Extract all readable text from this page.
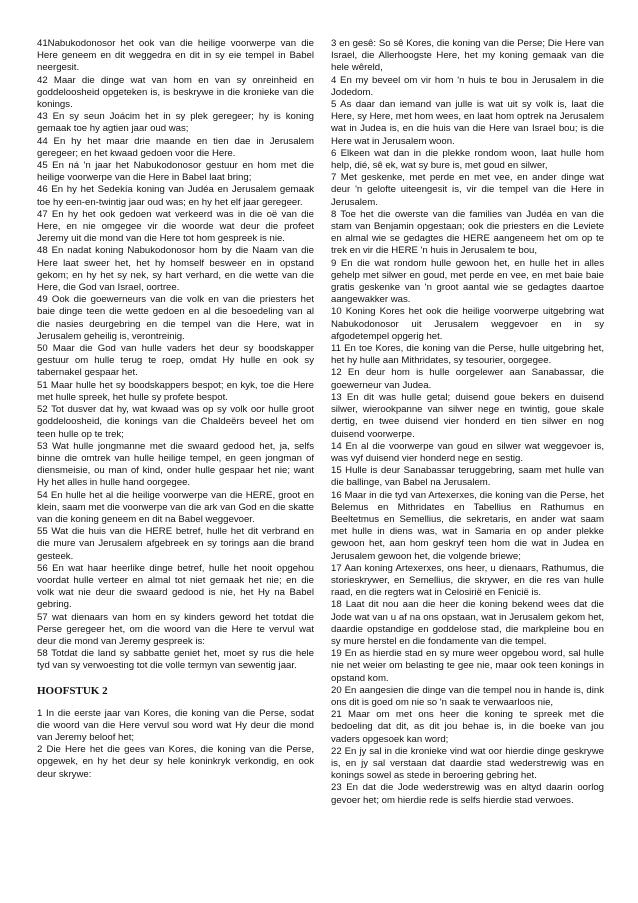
41Nabukodonosor het ook van die heilige voorwerpe van die Here geneem en dit weggedra en dit in sy eie tempel in Babel neergesit.

42 Maar die dinge wat van hom en van sy onreinheid en goddeloosheid opgeteken is, is beskrywe in die kronieke van die konings.

43 En sy seun Joácim het in sy plek geregeer; hy is koning gemaak toe hy agtien jaar oud was;

44 En hy het maar drie maande en tien dae in Jerusalem geregeer; en het kwaad gedoen voor die Here.

45 En ná 'n jaar het Nabukodonosor gestuur en hom met die heilige voorwerpe van die Here in Babel laat bring;

46 En hy het Sedekía koning van Judéa en Jerusalem gemaak toe hy een-en-twintig jaar oud was; en hy het elf jaar geregeer.

47 En hy het ook gedoen wat verkeerd was in die oë van die Here, en nie omgegee vir die woorde wat deur die profeet Jeremy uit die mond van die Here tot hom gespreek is nie.

48 En nadat koning Nabukodonosor hom by die Naam van die Here laat sweer het, het hy homself besweer en in opstand gekom; en hy het sy nek, sy hart verhard, en die wette van die Here, die God van Israel, oortree.

49 Ook die goewerneurs van die volk en van die priesters het baie dinge teen die wette gedoen en al die besoedeling van al die nasies deurgebring en die tempel van die Here, wat in Jerusalem geheilig is, verontreinig.

50 Maar die God van hulle vaders het deur sy boodskapper gestuur om hulle terug te roep, omdat Hy hulle en ook sy tabernakel gespaar het.

51 Maar hulle het sy boodskappers bespot; en kyk, toe die Here met hulle spreek, het hulle sy profete bespot.

52 Tot dusver dat hy, wat kwaad was op sy volk oor hulle groot goddeloosheid, die konings van die Chaldeërs beveel het om teen hulle op te trek;

53 Wat hulle jongmanne met die swaard gedood het, ja, selfs binne die omtrek van hulle heilige tempel, en geen jongman of diensmeisie, ou man of kind, onder hulle gespaar het nie; want Hy het alles in hulle hand oorgegee.

54 En hulle het al die heilige voorwerpe van die HERE, groot en klein, saam met die voorwerpe van die ark van God en die skatte van die koning geneem en dit na Babel weggevoer.

55 Wat die huis van die HERE betref, hulle het dit verbrand en die mure van Jerusalem afgebreek en sy torings aan die brand gesteek.

56 En wat haar heerlike dinge betref, hulle het nooit opgehou voordat hulle verteer en almal tot niet gemaak het nie; en die volk wat nie deur die swaard gedood is nie, het Hy na Babel gebring.

57 wat dienaars van hom en sy kinders geword het totdat die Perse geregeer het, om die woord van die Here te vervul wat deur die mond van Jeremy gespreek is:

58 Totdat die land sy sabbatte geniet het, moet sy rus die hele tyd van sy verwoesting tot die volle termyn van sewentig jaar.

HOOFSTUK 2

1 In die eerste jaar van Kores, die koning van die Perse, sodat die woord van die Here vervul sou word wat Hy deur die mond van Jeremy beloof het;

2 Die Here het die gees van Kores, die koning van die Perse, opgewek, en hy het deur sy hele koninkryk verkondig, en ook deur skrywe:

3 en gesê: So sê Kores, die koning van die Perse; Die Here van Israel, die Allerhoogste Here, het my koning gemaak van die hele wêreld,

4 En my beveel om vir hom 'n huis te bou in Jerusalem in die Jodedom.

5 As daar dan iemand van julle is wat uit sy volk is, laat die Here, sy Here, met hom wees, en laat hom optrek na Jerusalem wat in Judea is, en die huis van die Here van Israel bou; is die Here wat in Jerusalem woon.

6 Elkeen wat dan in die plekke rondom woon, laat hulle hom help, dié, sê ek, wat sy bure is, met goud en silwer,

7 Met geskenke, met perde en met vee, en ander dinge wat deur 'n gelofte uiteengesit is, vir die tempel van die Here in Jerusalem.

8 Toe het die owerste van die families van Judéa en van die stam van Benjamin opgestaan; ook die priesters en die Leviete en almal wie se gedagtes die HERE aangeneem het om op te trek en vir die HERE 'n huis in Jerusalem te bou,

9 En die wat rondom hulle gewoon het, en hulle het in alles gehelp met silwer en goud, met perde en vee, en met baie baie gratis geskenke van 'n groot aantal wie se gedagtes daartoe aangewakker was.

10 Koning Kores het ook die heilige voorwerpe uitgebring wat Nabukodonosor uit Jerusalem weggevoer en in sy afgodetempel opgerig het.

11 En toe Kores, die koning van die Perse, hulle uitgebring het, het hy hulle aan Mithridates, sy tesourier, oorgegee.

12 En deur hom is hulle oorgelewer aan Sanabassar, die goewerneur van Judea.

13 En dit was hulle getal; duisend goue bekers en duisend silwer, wierookpanne van silwer nege en twintig, goue skale dertig, en twee duisend vier honderd en tien silwer en nog duisend voorwerpe.

14 En al die voorwerpe van goud en silwer wat weggevoer is, was vyf duisend vier honderd nege en sestig.

15 Hulle is deur Sanabassar teruggebring, saam met hulle van die ballinge, van Babel na Jerusalem.

16 Maar in die tyd van Artexerxes, die koning van die Perse, het Belemus en Mithridates en Tabellius en Rathumus en Beeltetmus en Semellius, die sekretaris, en ander wat saam met hulle in diens was, wat in Samaria en op ander plekke gewoon het, aan hom geskryf teen hom die wat in Judea en Jerusalem gewoon het, die volgende briewe;

17 Aan koning Artexerxes, ons heer, u dienaars, Rathumus, die storieskrywer, en Semellius, die skrywer, en die res van hulle raad, en die regters wat in Celosirië en Fenicië is.

18 Laat dit nou aan die heer die koning bekend wees dat die Jode wat van u af na ons opstaan, wat in Jerusalem gekom het, daardie opstandige en goddelose stad, die markpleine bou en sy mure herstel en die fondamente van die tempel.

19 En as hierdie stad en sy mure weer opgebou word, sal hulle nie net weier om belasting te gee nie, maar ook teen konings in opstand kom.

20 En aangesien die dinge van die tempel nou in hande is, dink ons dit is goed om nie so 'n saak te verwaarloos nie,

21 Maar om met ons heer die koning te spreek met die bedoeling dat dit, as dit jou behae is, in die boeke van jou vaders opgesoek kan word;

22 En jy sal in die kronieke vind wat oor hierdie dinge geskrywe is, en jy sal verstaan dat daardie stad wederstrewig was en konings sowel as stede in beroering gebring het.

23 En dat die Jode wederstrewig was en altyd daarin oorlog gevoer het; om hierdie rede is selfs hierdie stad verwoes.
